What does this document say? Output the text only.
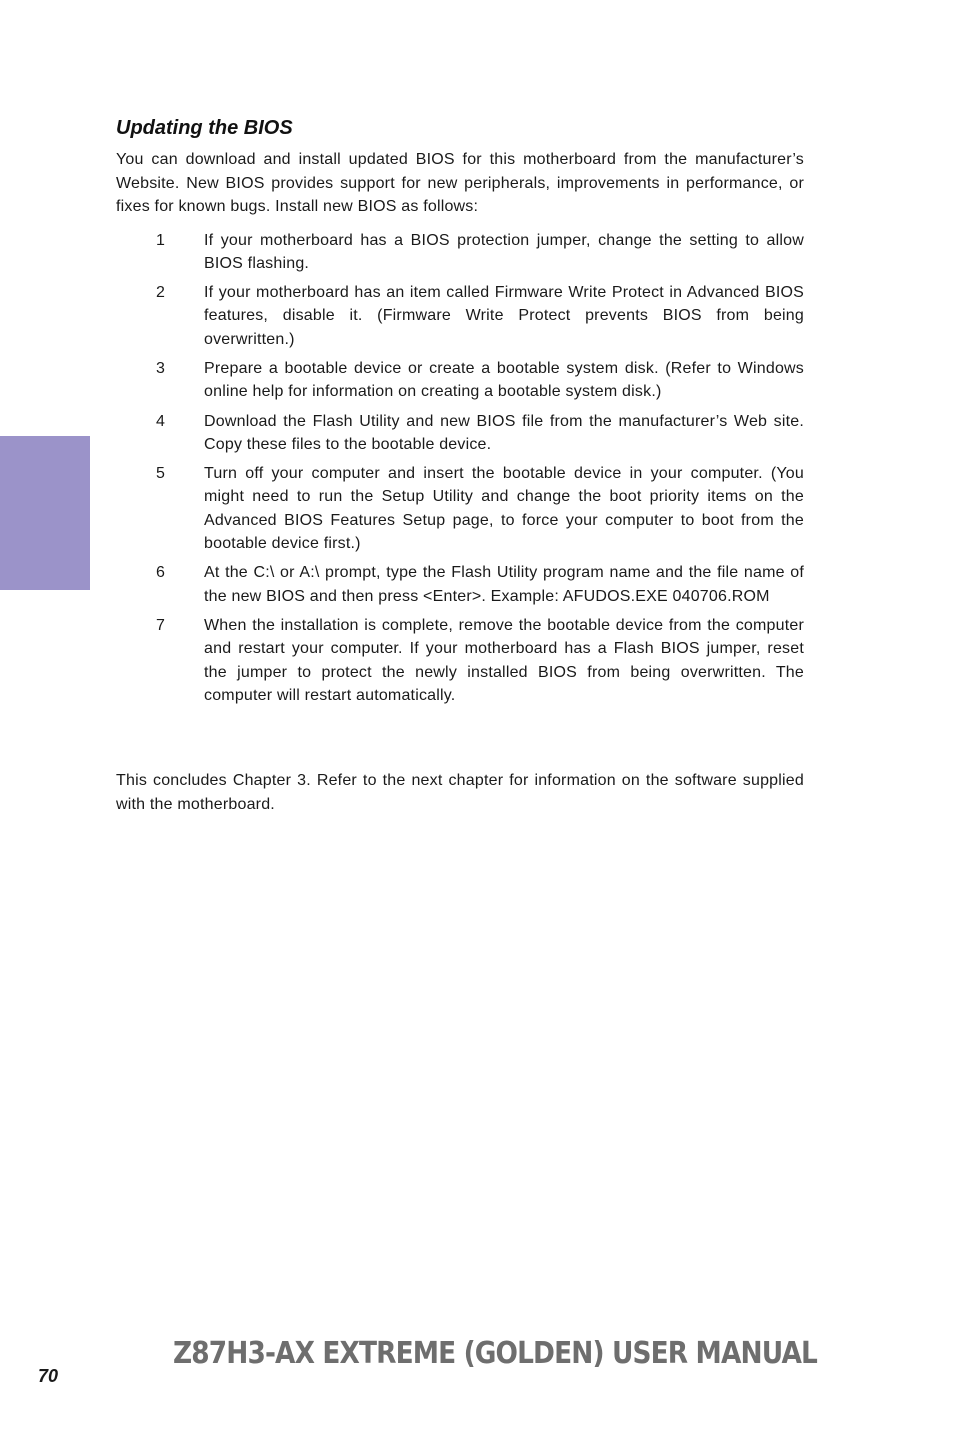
Updating the BIOS

You can download and install updated BIOS for this motherboard from the manufacturer’s Website. New BIOS provides support for new peripherals, improvements in performance, or fixes for known bugs. Install new BIOS as follows:

1 If your motherboard has a BIOS protection jumper, change the setting to allow BIOS flashing.
2 If your motherboard has an item called Firmware Write Protect in Advanced BIOS features, disable it. (Firmware Write Protect prevents BIOS from being overwritten.)
3 Prepare a bootable device or create a bootable system disk. (Refer to Windows online help for information on creating a bootable system disk.)
4 Download the Flash Utility and new BIOS file from the manufacturer’s Web site. Copy these files to the bootable device.
5 Turn off your computer and insert the bootable device in your computer. (You might need to run the Setup Utility and change the boot priority items on the Advanced BIOS Features Setup page, to force your computer to boot from the bootable device first.)
6 At the C:\ or A:\ prompt, type the Flash Utility program name and the file name of the new BIOS and then press <Enter>. Example: AFUDOS.EXE 040706.ROM
7 When the installation is complete, remove the bootable device from the computer and restart your computer. If your motherboard has a Flash BIOS jumper, reset the jumper to protect the newly installed BIOS from being overwritten. The computer will restart automatically.

This concludes Chapter 3. Refer to the next chapter for information on the software supplied with the motherboard.

70
Z87H3-AX EXTREME (GOLDEN) USER MANUAL
